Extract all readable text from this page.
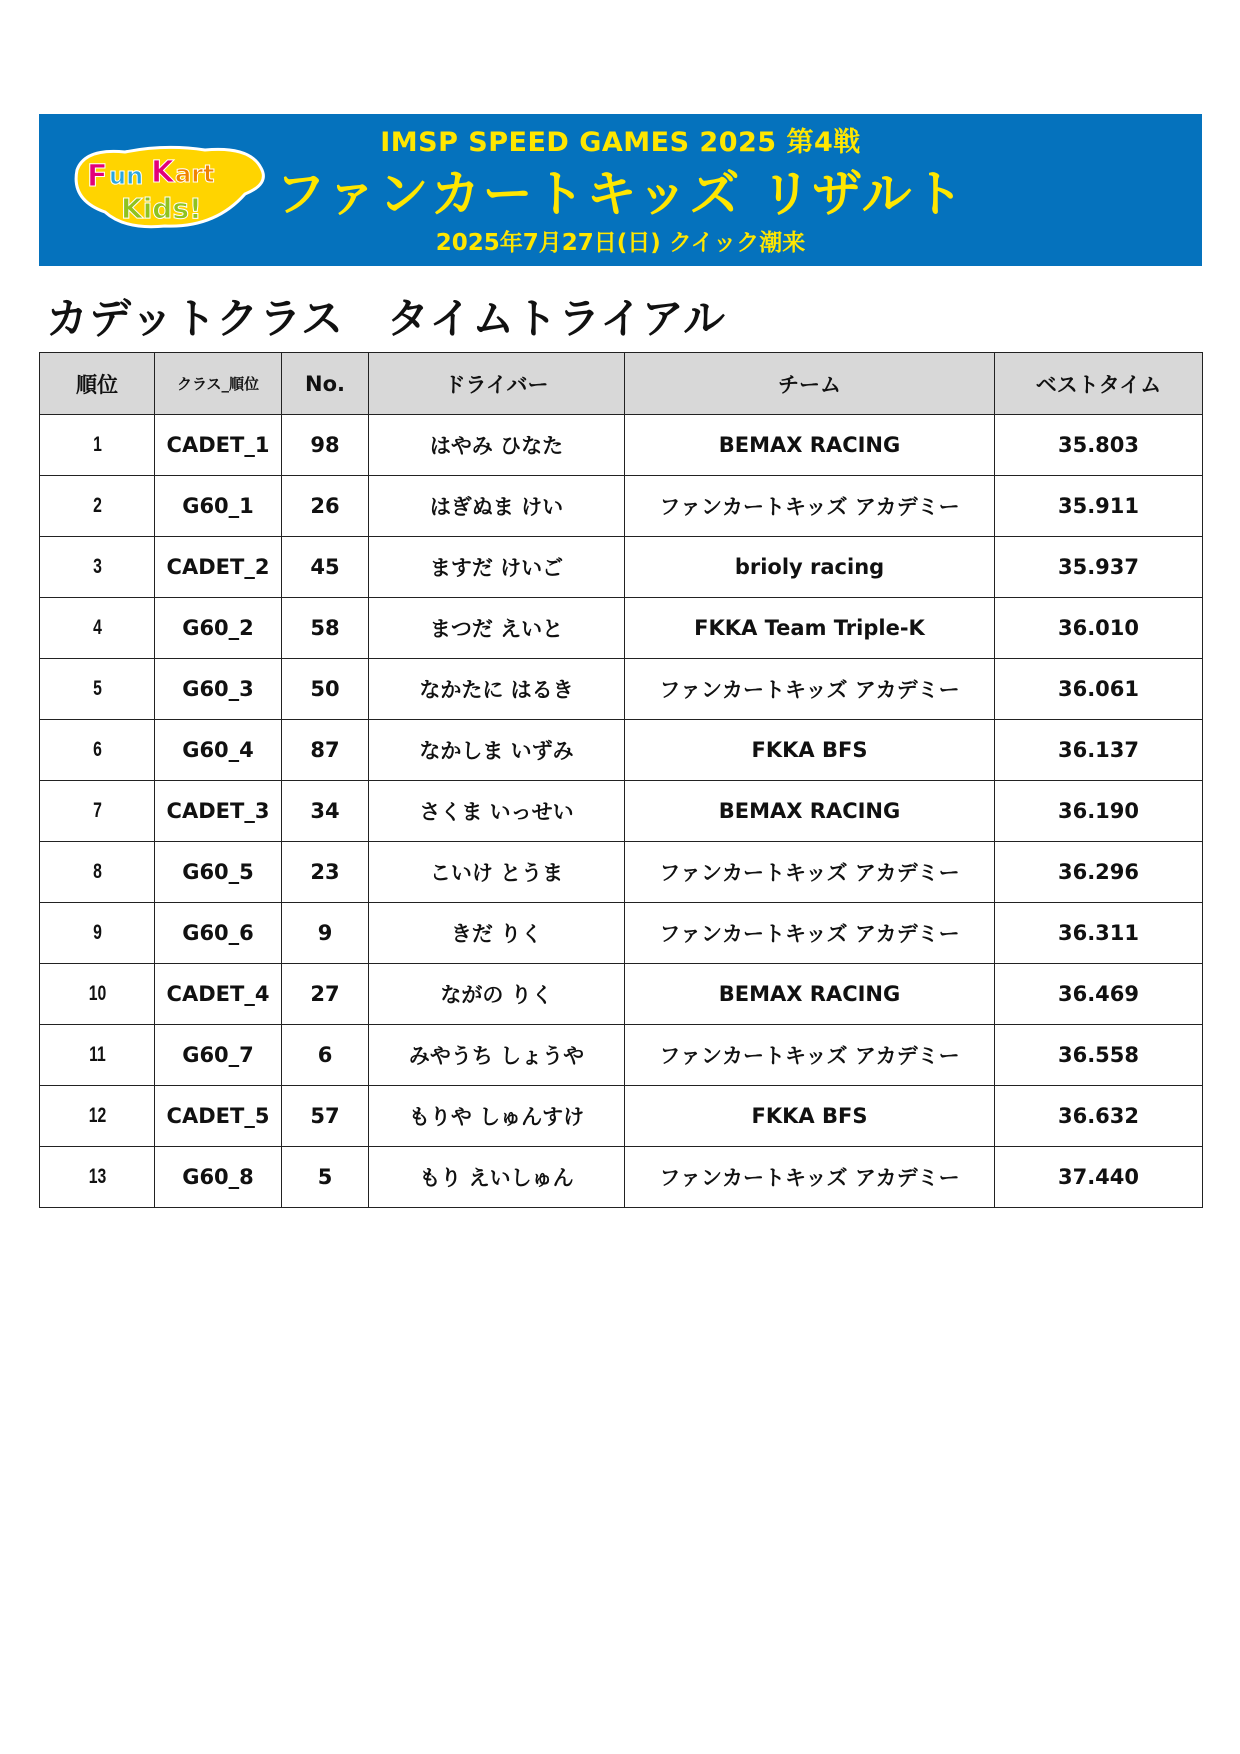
F un K art
Kids!
IMSP SPEED GAMES 2025 第4戦
ファンカートキッズ リザルト
2025年7月27日(日) クイック潮来
カデットクラス　タイムトライアル
順位	クラス_順位	No.	ドライバー	チーム	ベストタイム
1	CADET_1	98	はやみ ひなた	BEMAX RACING	35.803
2	G60_1	26	はぎぬま けい	ファンカートキッズ アカデミー	35.911
3	CADET_2	45	ますだ けいご	brioly racing	35.937
4	G60_2	58	まつだ えいと	FKKA Team Triple-K	36.010
5	G60_3	50	なかたに はるき	ファンカートキッズ アカデミー	36.061
6	G60_4	87	なかしま いずみ	FKKA BFS	36.137
7	CADET_3	34	さくま いっせい	BEMAX RACING	36.190
8	G60_5	23	こいけ とうま	ファンカートキッズ アカデミー	36.296
9	G60_6	9	きだ りく	ファンカートキッズ アカデミー	36.311
10	CADET_4	27	ながの りく	BEMAX RACING	36.469
11	G60_7	6	みやうち しょうや	ファンカートキッズ アカデミー	36.558
12	CADET_5	57	もりや しゅんすけ	FKKA BFS	36.632
13	G60_8	5	もり えいしゅん	ファンカートキッズ アカデミー	37.440
